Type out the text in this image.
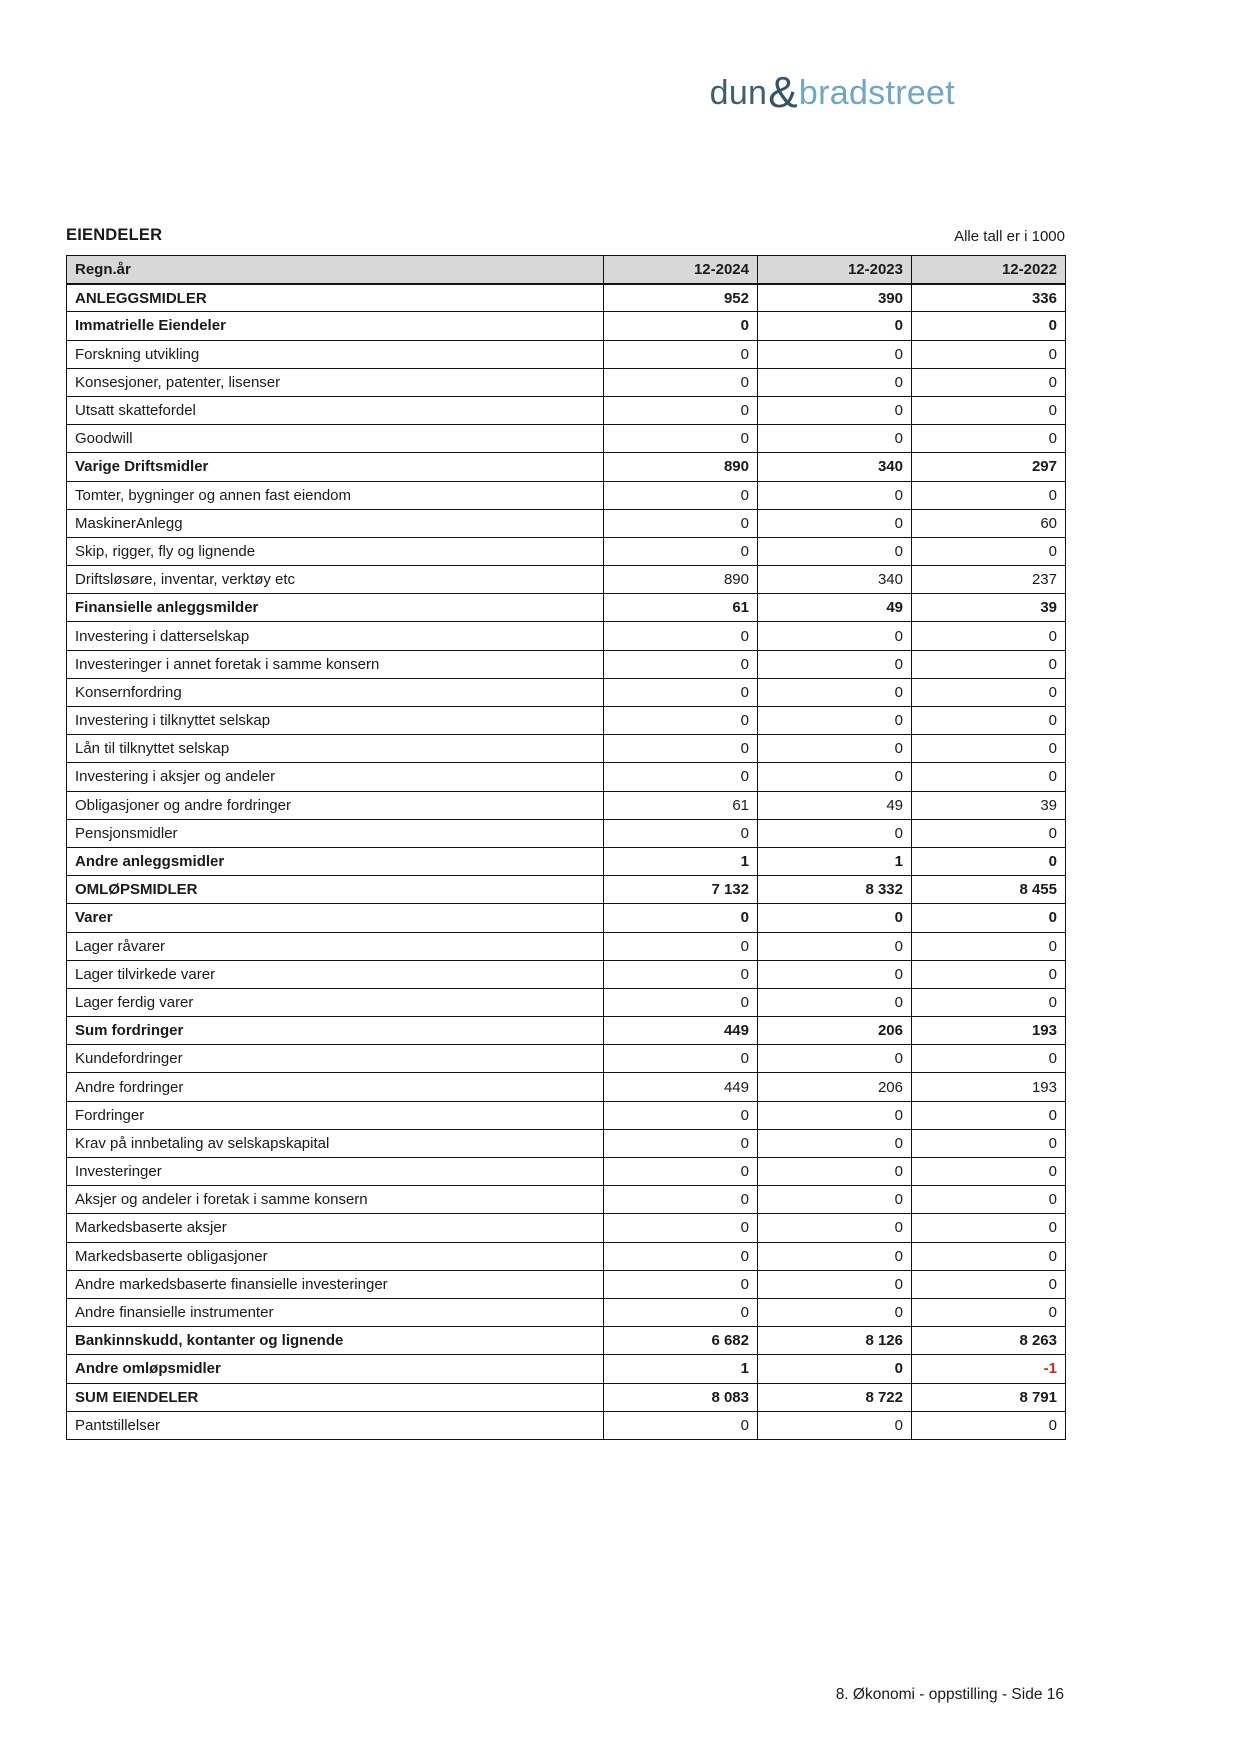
dun&bradstreet
EIENDELER	Alle tall er i 1000
Regn.år	12-2024	12-2023	12-2022
ANLEGGSMIDLER	952	390	336
Immatrielle Eiendeler	0	0	0
Forskning utvikling	0	0	0
Konsesjoner, patenter, lisenser	0	0	0
Utsatt skattefordel	0	0	0
Goodwill	0	0	0
Varige Driftsmidler	890	340	297
Tomter, bygninger og annen fast eiendom	0	0	0
MaskinerAnlegg	0	0	60
Skip, rigger, fly og lignende	0	0	0
Driftsløsøre, inventar, verktøy etc	890	340	237
Finansielle anleggsmilder	61	49	39
Investering i datterselskap	0	0	0
Investeringer i annet foretak i samme konsern	0	0	0
Konsernfordring	0	0	0
Investering i tilknyttet selskap	0	0	0
Lån til tilknyttet selskap	0	0	0
Investering i aksjer og andeler	0	0	0
Obligasjoner og andre fordringer	61	49	39
Pensjonsmidler	0	0	0
Andre anleggsmidler	1	1	0
OMLØPSMIDLER	7 132	8 332	8 455
Varer	0	0	0
Lager råvarer	0	0	0
Lager tilvirkede varer	0	0	0
Lager ferdig varer	0	0	0
Sum fordringer	449	206	193
Kundefordringer	0	0	0
Andre fordringer	449	206	193
Fordringer	0	0	0
Krav på innbetaling av selskapskapital	0	0	0
Investeringer	0	0	0
Aksjer og andeler i foretak i samme konsern	0	0	0
Markedsbaserte aksjer	0	0	0
Markedsbaserte obligasjoner	0	0	0
Andre markedsbaserte finansielle investeringer	0	0	0
Andre finansielle instrumenter	0	0	0
Bankinnskudd, kontanter og lignende	6 682	8 126	8 263
Andre omløpsmidler	1	0	-1
SUM EIENDELER	8 083	8 722	8 791
Pantstillelser	0	0	0
8. Økonomi - oppstilling - Side 16
